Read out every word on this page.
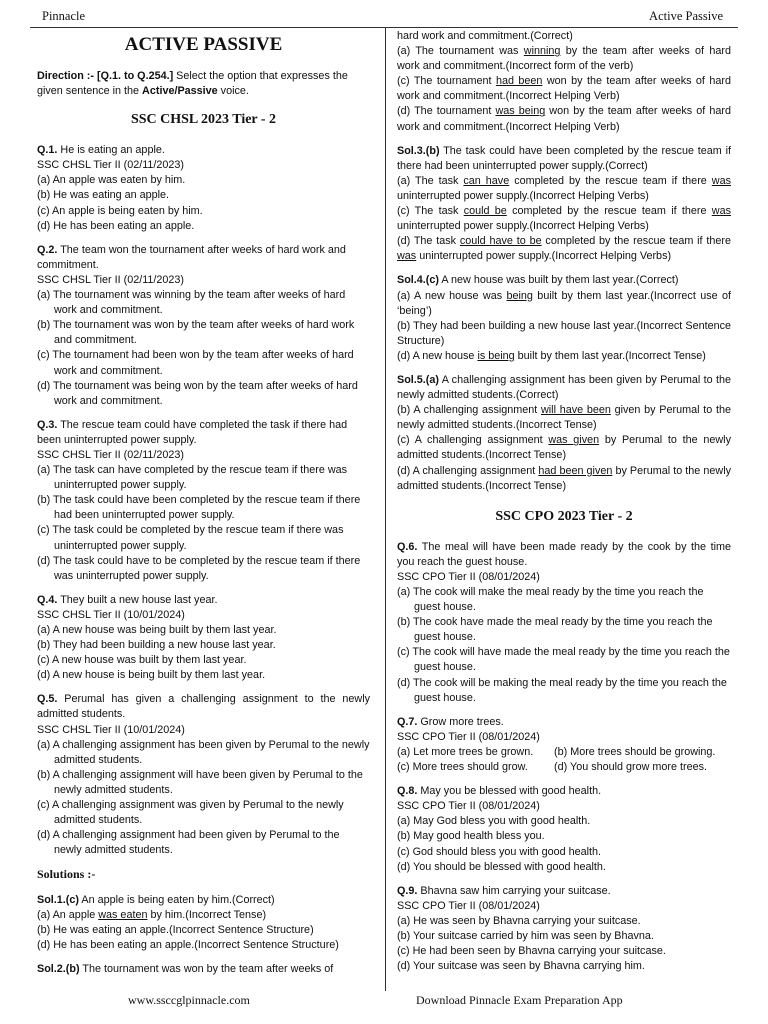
Pinnacle	Active Passive
ACTIVE PASSIVE
Direction :- [Q.1. to Q.254.] Select the option that expresses the given sentence in the Active/Passive voice.
SSC CHSL 2023 Tier - 2
Q.1. He is eating an apple.
SSC CHSL Tier II (02/11/2023)
(a) An apple was eaten by him.
(b) He was eating an apple.
(c) An apple is being eaten by him.
(d) He has been eating an apple.
Q.2. The team won the tournament after weeks of hard work and commitment.
SSC CHSL Tier II (02/11/2023)
(a) The tournament was winning by the team after weeks of hard work and commitment.
(b) The tournament was won by the team after weeks of hard work and commitment.
(c) The tournament had been won by the team after weeks of hard work and commitment.
(d) The tournament was being won by the team after weeks of hard work and commitment.
Q.3. The rescue team could have completed the task if there had been uninterrupted power supply.
SSC CHSL Tier II (02/11/2023)
(a) The task can have completed by the rescue team if there was uninterrupted power supply.
(b) The task could have been completed by the rescue team if there had been uninterrupted power supply.
(c) The task could be completed by the rescue team if there was uninterrupted power supply.
(d) The task could have to be completed by the rescue team if there was uninterrupted power supply.
Q.4. They built a new house last year.
SSC CHSL Tier II (10/01/2024)
(a) A new house was being built by them last year.
(b) They had been building a new house last year.
(c) A new house was built by them last year.
(d) A new house is being built by them last year.
Q.5. Perumal has given a challenging assignment to the newly admitted students.
SSC CHSL Tier II (10/01/2024)
(a) A challenging assignment has been given by Perumal to the newly admitted students.
(b) A challenging assignment will have been given by Perumal to the newly admitted students.
(c) A challenging assignment was given by Perumal to the newly admitted students.
(d) A challenging assignment had been given by Perumal to the newly admitted students.
Solutions :-
Sol.1.(c) An apple is being eaten by him.(Correct)
(a) An apple was eaten by him.(Incorrect Tense)
(b) He was eating an apple.(Incorrect Sentence Structure)
(d) He has been eating an apple.(Incorrect Sentence Structure)
Sol.2.(b) The tournament was won by the team after weeks of
hard work and commitment.(Correct)
(a) The tournament was winning by the team after weeks of hard work and commitment.(Incorrect form of the verb)
(c) The tournament had been won by the team after weeks of hard work and commitment.(Incorrect Helping Verb)
(d) The tournament was being won by the team after weeks of hard work and commitment.(Incorrect Helping Verb)
Sol.3.(b) The task could have been completed by the rescue team if there had been uninterrupted power supply.(Correct)
(a) The task can have completed by the rescue team if there was uninterrupted power supply.(Incorrect Helping Verbs)
(c) The task could be completed by the rescue team if there was uninterrupted power supply.(Incorrect Helping Verbs)
(d) The task could have to be completed by the rescue team if there was uninterrupted power supply.(Incorrect Helping Verbs)
Sol.4.(c) A new house was built by them last year.(Correct)
(a) A new house was being built by them last year.(Incorrect use of ‘being’)
(b) They had been building a new house last year.(Incorrect Sentence Structure)
(d) A new house is being built by them last year.(Incorrect Tense)
Sol.5.(a) A challenging assignment has been given by Perumal to the newly admitted students.(Correct)
(b) A challenging assignment will have been given by Perumal to the newly admitted students.(Incorrect Tense)
(c) A challenging assignment was given by Perumal to the newly admitted students.(Incorrect Tense)
(d) A challenging assignment had been given by Perumal to the newly admitted students.(Incorrect Tense)
SSC CPO 2023 Tier - 2
Q.6. The meal will have been made ready by the cook by the time you reach the guest house.
SSC CPO Tier II (08/01/2024)
(a) The cook will make the meal ready by the time you reach the guest house.
(b) The cook have made the meal ready by the time you reach the guest house.
(c) The cook will have made the meal ready by the time you reach the guest house.
(d) The cook will be making the meal ready by the time you reach the guest house.
Q.7. Grow more trees.
SSC CPO Tier II (08/01/2024)
(a) Let more trees be grown.	(b) More trees should be growing.
(c) More trees should grow.	(d) You should grow more trees.
Q.8. May you be blessed with good health.
SSC CPO Tier II (08/01/2024)
(a) May God bless you with good health.
(b) May good health bless you.
(c) God should bless you with good health.
(d) You should be blessed with good health.
Q.9. Bhavna saw him carrying your suitcase.
SSC CPO Tier II (08/01/2024)
(a) He was seen by Bhavna carrying your suitcase.
(b) Your suitcase carried by him was seen by Bhavna.
(c) He had been seen by Bhavna carrying your suitcase.
(d) Your suitcase was seen by Bhavna carrying him.
www.ssccglpinnacle.com	Download Pinnacle Exam Preparation App
